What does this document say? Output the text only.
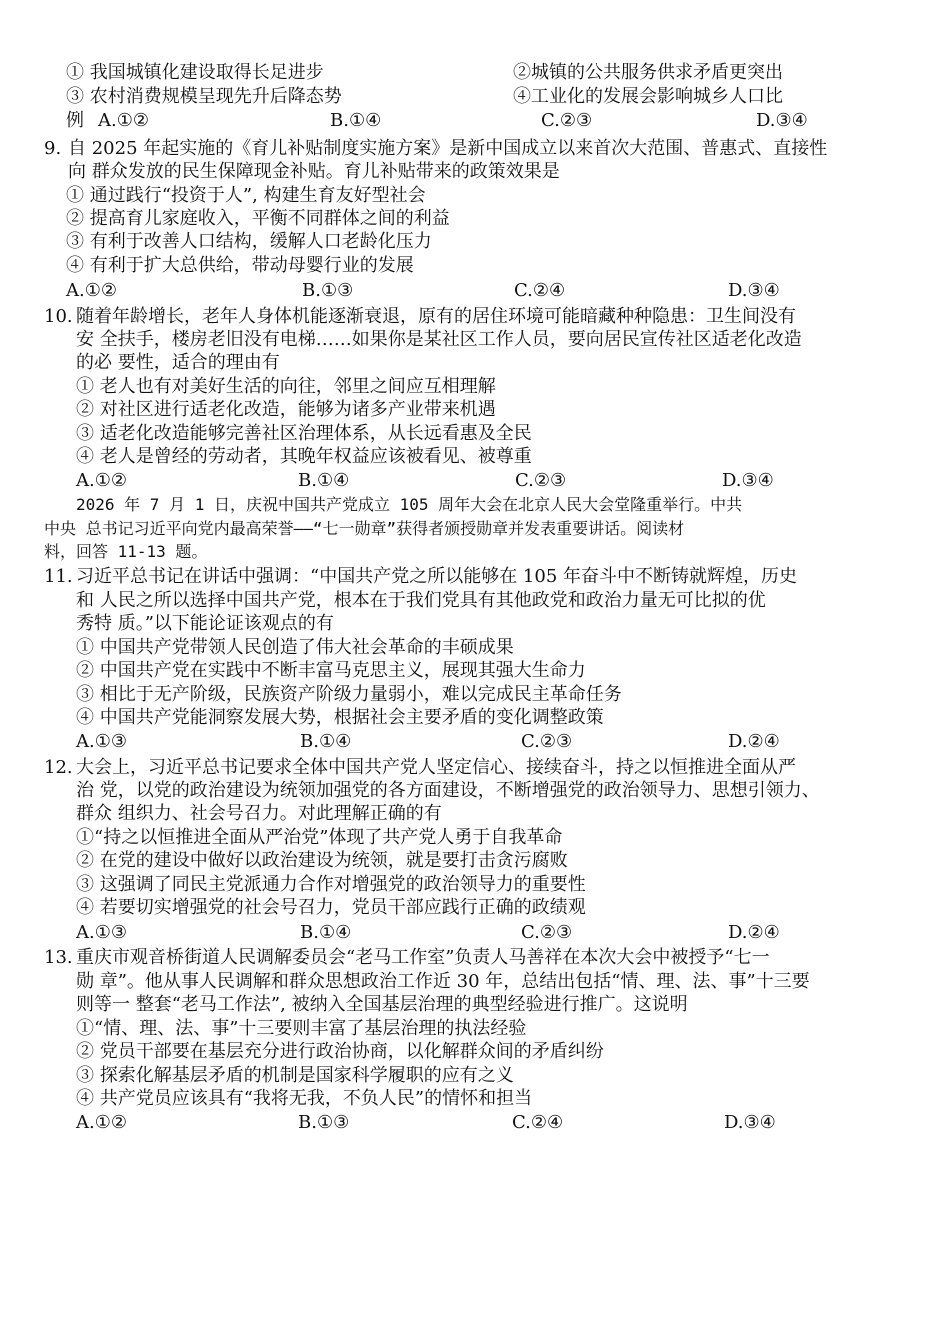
① 我国城镇化建设取得长足进步	②城镇的公共服务供求矛盾更突出
③ 农村消费规模呈现先升后降态势	④工业化的发展会影响城乡人口比
例 A.①②	B.①④	C.②③	D.③④
9. 自 2025 年起实施的《育儿补贴制度实施方案》是新中国成立以来首次大范围、普惠式、直接性
向 群众发放的民生保障现金补贴。育儿补贴带来的政策效果是
① 通过践行“投资于人”, 构建生育友好型社会
② 提高育儿家庭收入，平衡不同群体之间的利益
③ 有利于改善人口结构，缓解人口老龄化压力
④ 有利于扩大总供给，带动母婴行业的发展
A.①②	B.①③	C.②④	D.③④
10. 随着年龄增长，老年人身体机能逐渐衰退，原有的居住环境可能暗藏种种隐患：卫生间没有
安 全扶手，楼房老旧没有电梯……如果你是某社区工作人员，要向居民宣传社区适老化改造
的必 要性，适合的理由有
① 老人也有对美好生活的向往，邻里之间应互相理解
② 对社区进行适老化改造，能够为诸多产业带来机遇
③ 适老化改造能够完善社区治理体系，从长远看惠及全民
④ 老人是曾经的劳动者，其晚年权益应该被看见、被尊重
A.①②	B.①④	C.②③	D.③④
2026 年 7 月 1 日，庆祝中国共产党成立 105 周年大会在北京人民大会堂隆重举行。中共
中央 总书记习近平向党内最高荣誉——“七一勋章”获得者颁授勋章并发表重要讲话。阅读材
料，回答 11-13 题。
11. 习近平总书记在讲话中强调：“中国共产党之所以能够在 105 年奋斗中不断铸就辉煌，历史
和 人民之所以选择中国共产党，根本在于我们党具有其他政党和政治力量无可比拟的优
秀特 质。”以下能论证该观点的有
① 中国共产党带领人民创造了伟大社会革命的丰硕成果
② 中国共产党在实践中不断丰富马克思主义，展现其强大生命力
③ 相比于无产阶级，民族资产阶级力量弱小，难以完成民主革命任务
④ 中国共产党能洞察发展大势，根据社会主要矛盾的变化调整政策
A.①③	B.①④	C.②③	D.②④
12. 大会上，习近平总书记要求全体中国共产党人坚定信心、接续奋斗，持之以恒推进全面从严
治 党，以党的政治建设为统领加强党的各方面建设，不断增强党的政治领导力、思想引领力、
群众 组织力、社会号召力。对此理解正确的有
①“持之以恒推进全面从严治党”体现了共产党人勇于自我革命
② 在党的建设中做好以政治建设为统领，就是要打击贪污腐败
③ 这强调了同民主党派通力合作对增强党的政治领导力的重要性
④ 若要切实增强党的社会号召力，党员干部应践行正确的政绩观
A.①③	B.①④	C.②③	D.②④
13. 重庆市观音桥街道人民调解委员会“老马工作室”负责人马善祥在本次大会中被授予“七一
勋 章”。他从事人民调解和群众思想政治工作近 30 年，总结出包括“情、理、法、事”十三要
则等一 整套“老马工作法”, 被纳入全国基层治理的典型经验进行推广。这说明
①“情、理、法、事”十三要则丰富了基层治理的执法经验
② 党员干部要在基层充分进行政治协商，以化解群众间的矛盾纠纷
③ 探索化解基层矛盾的机制是国家科学履职的应有之义
④ 共产党员应该具有“我将无我，不负人民”的情怀和担当
A.①②	B.①③	C.②④	D.③④
